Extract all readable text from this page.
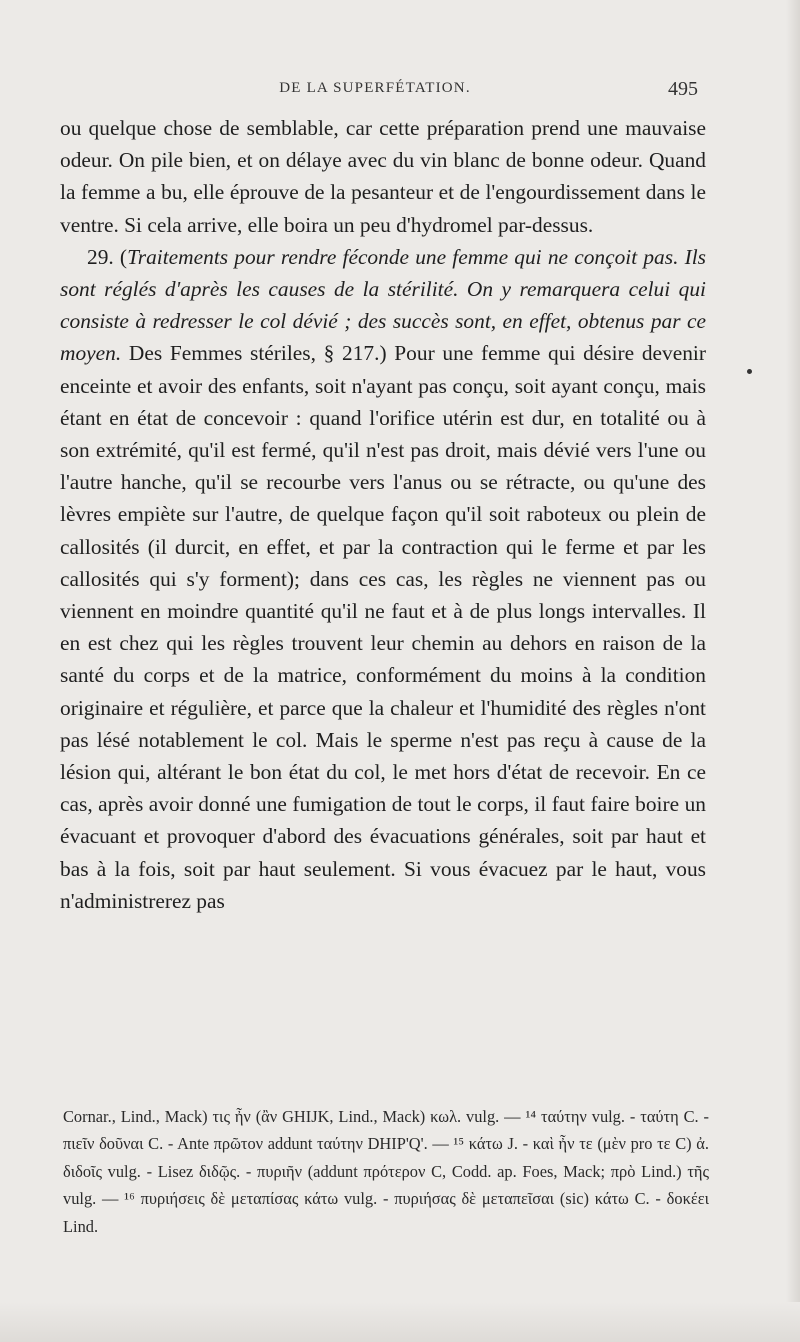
DE LA SUPERFÉTATION.	495

ou quelque chose de semblable, car cette préparation prend une mauvaise odeur. On pile bien, et on délaye avec du vin blanc de bonne odeur. Quand la femme a bu, elle éprouve de la pesanteur et de l'engourdissement dans le ventre. Si cela arrive, elle boira un peu d'hydromel par-dessus.

29. (Traitements pour rendre féconde une femme qui ne conçoit pas. Ils sont réglés d'après les causes de la stérilité. On y remarquera celui qui consiste à redresser le col dévié ; des succès sont, en effet, obtenus par ce moyen. Des Femmes stériles, § 217.) Pour une femme qui désire devenir enceinte et avoir des enfants, soit n'ayant pas conçu, soit ayant conçu, mais étant en état de concevoir : quand l'orifice utérin est dur, en totalité ou à son extrémité, qu'il est fermé, qu'il n'est pas droit, mais dévié vers l'une ou l'autre hanche, qu'il se recourbe vers l'anus ou se rétracte, ou qu'une des lèvres empiète sur l'autre, de quelque façon qu'il soit raboteux ou plein de callosités (il durcit, en effet, et par la contraction qui le ferme et par les callosités qui s'y forment); dans ces cas, les règles ne viennent pas ou viennent en moindre quantité qu'il ne faut et à de plus longs intervalles. Il en est chez qui les règles trouvent leur chemin au dehors en raison de la santé du corps et de la matrice, conformément du moins à la condition originaire et régulière, et parce que la chaleur et l'humidité des règles n'ont pas lésé notablement le col. Mais le sperme n'est pas reçu à cause de la lésion qui, altérant le bon état du col, le met hors d'état de recevoir. En ce cas, après avoir donné une fumigation de tout le corps, il faut faire boire un évacuant et provoquer d'abord des évacuations générales, soit par haut et bas à la fois, soit par haut seulement. Si vous évacuez par le haut, vous n'administrerez pas

Cornar., Lind., Mack) τις ἦν (ἂν GHIJK, Lind., Mack) κωλ. vulg. — ¹⁴ ταύτην vulg. - ταύτη C. - πιεῖν δοῦναι C. - Ante πρῶτον addunt ταύτην DHIP'Q'. — ¹⁵ κάτω J. - καὶ ἦν τε (μὲν pro τε C) ἀ. διδοῖς vulg. - Lisez διδῷς. - πυριῆν (addunt πρότερον C, Codd. ap. Foes, Mack; πρὸ Lind.) τῆς vulg. — ¹⁶ πυριήσεις δὲ μεταπίσας κάτω vulg. - πυριήσας δὲ μεταπεῖσαι (sic) κάτω C. - δοκέει Lind.
